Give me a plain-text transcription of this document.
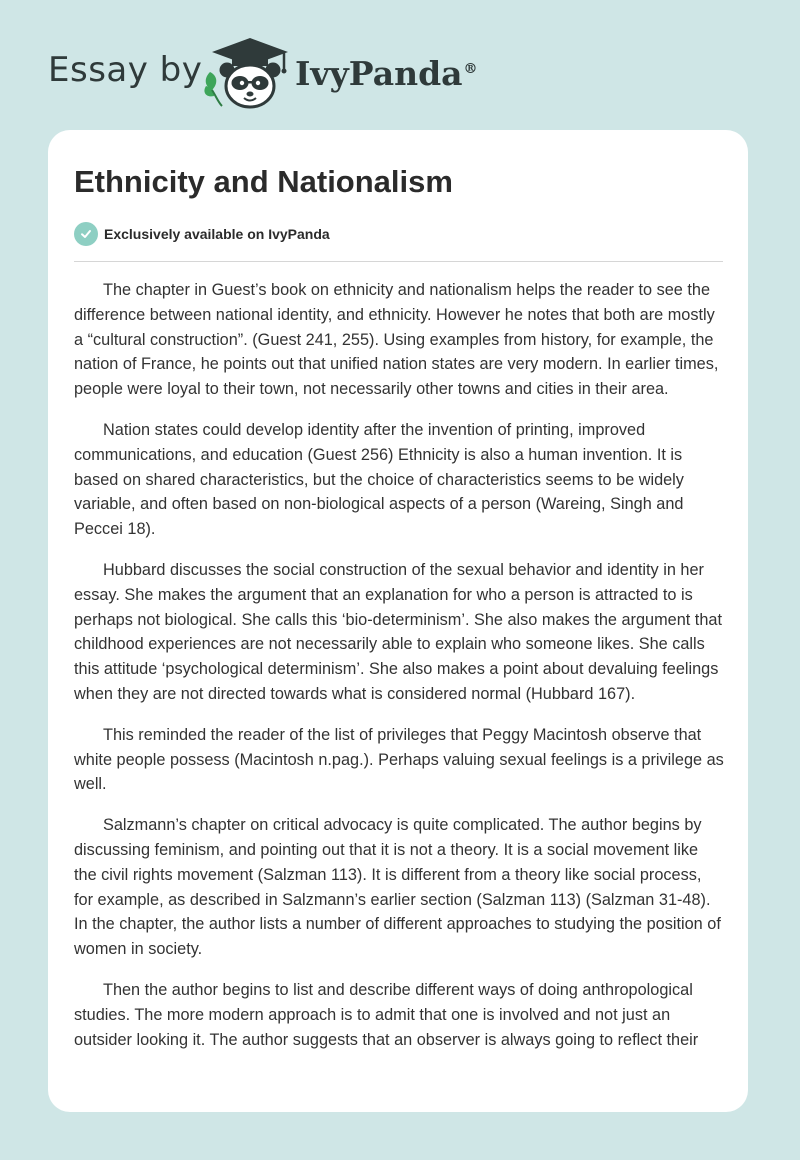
Essay by	IvyPanda®
Ethnicity and Nationalism
Exclusively available on IvyPanda

The chapter in Guest’s book on ethnicity and nationalism helps the reader to see the difference between national identity, and ethnicity. However he notes that both are mostly a “cultural construction”. (Guest 241, 255). Using examples from history, for example, the nation of France, he points out that unified nation states are very modern. In earlier times, people were loyal to their town, not necessarily other towns and cities in their area.

Nation states could develop identity after the invention of printing, improved communications, and education (Guest 256) Ethnicity is also a human invention. It is based on shared characteristics, but the choice of characteristics seems to be widely variable, and often based on non-biological aspects of a person (Wareing, Singh and Peccei 18).

Hubbard discusses the social construction of the sexual behavior and identity in her essay. She makes the argument that an explanation for who a person is attracted to is perhaps not biological. She calls this ‘bio-determinism’. She also makes the argument that childhood experiences are not necessarily able to explain who someone likes. She calls this attitude ‘psychological determinism’. She also makes a point about devaluing feelings when they are not directed towards what is considered normal (Hubbard 167).

This reminded the reader of the list of privileges that Peggy Macintosh observe that white people possess (Macintosh n.pag.). Perhaps valuing sexual feelings is a privilege as well.

Salzmann’s chapter on critical advocacy is quite complicated. The author begins by discussing feminism, and pointing out that it is not a theory. It is a social movement like the civil rights movement (Salzman 113). It is different from a theory like social process, for example, as described in Salzmann’s earlier section (Salzman 113) (Salzman 31-48). In the chapter, the author lists a number of different approaches to studying the position of women in society.

Then the author begins to list and describe different ways of doing anthropological studies. The more modern approach is to admit that one is involved and not just an outsider looking it. The author suggests that an observer is always going to reflect their
